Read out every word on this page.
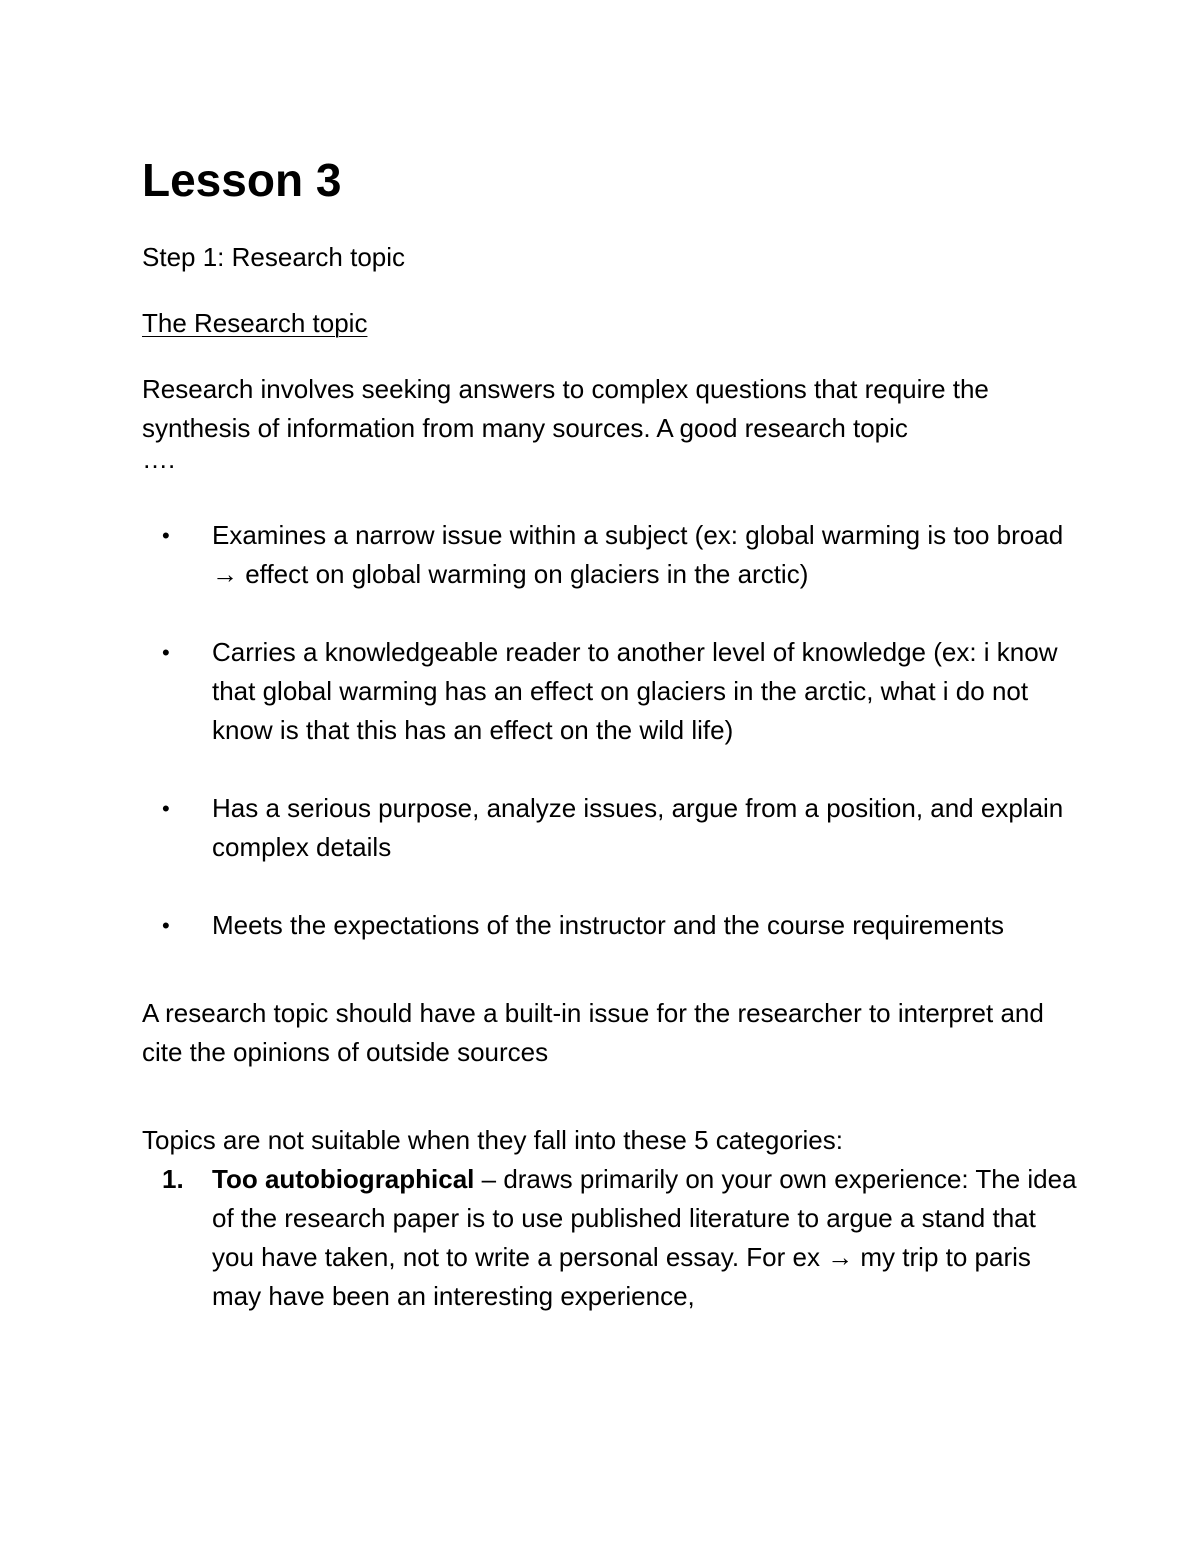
Lesson 3

Step 1: Research topic

The Research topic

Research involves seeking answers to complex questions that require the synthesis of information from many sources. A good research topic
….

• Examines a narrow issue within a subject (ex: global warming is too broad → effect on global warming on glaciers in the arctic)
• Carries a knowledgeable reader to another level of knowledge (ex: i know that global warming has an effect on glaciers in the arctic, what i do not know is that this has an effect on the wild life)
• Has a serious purpose, analyze issues, argue from a position, and explain complex details
• Meets the expectations of the instructor and the course requirements

A research topic should have a built-in issue for the researcher to interpret and cite the opinions of outside sources

Topics are not suitable when they fall into these 5 categories:

1. Too autobiographical – draws primarily on your own experience: The idea of the research paper is to use published literature to argue a stand that you have taken, not to write a personal essay. For ex → my trip to paris may have been an interesting experience,
